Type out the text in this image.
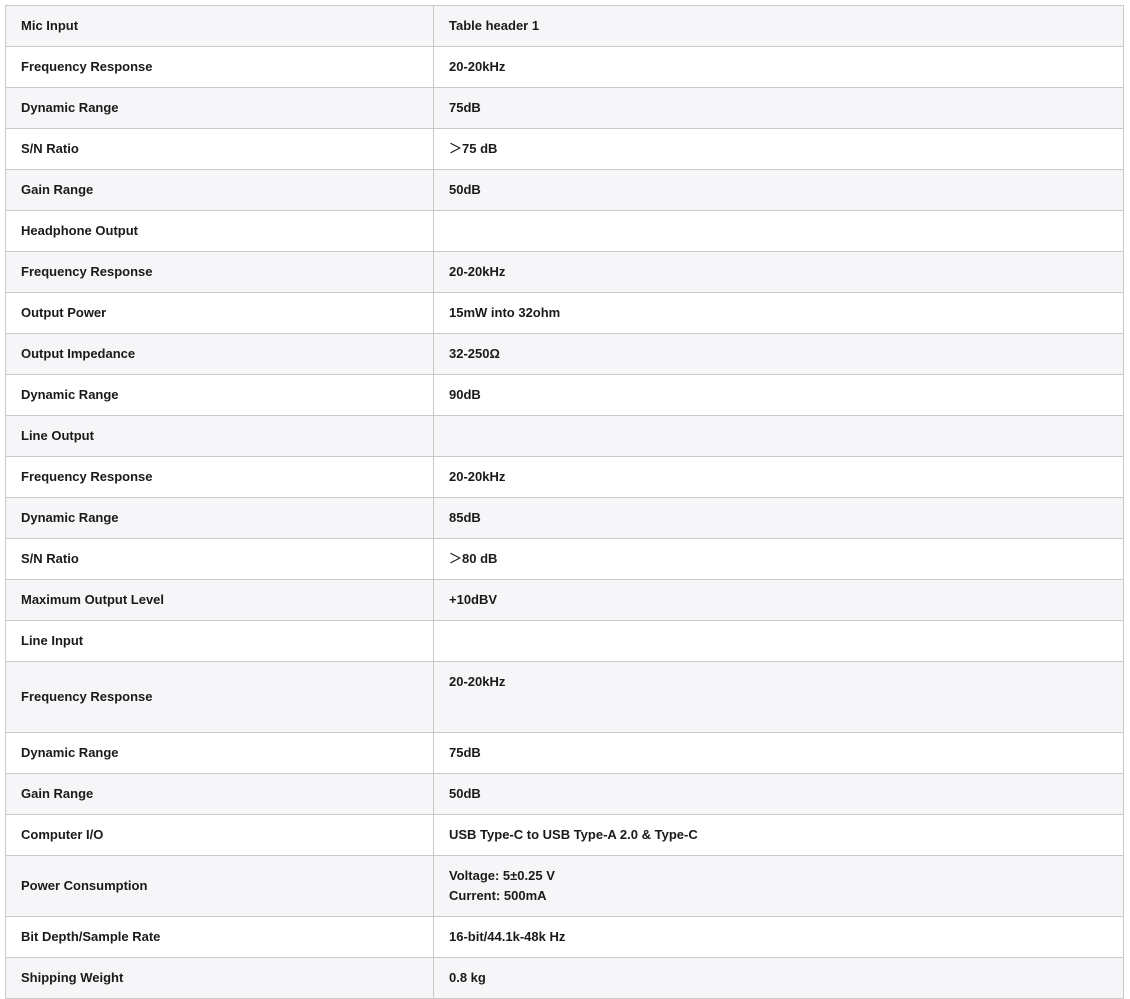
Mic Input	Table header 1
Frequency Response	20-20kHz
Dynamic Range	75dB
S/N Ratio	＞75 dB
Gain Range	50dB
Headphone Output	
Frequency Response	20-20kHz
Output Power	15mW into 32ohm
Output Impedance	32-250Ω
Dynamic Range	90dB
Line Output	
Frequency Response	20-20kHz
Dynamic Range	85dB
S/N Ratio	＞80 dB
Maximum Output Level	+10dBV
Line Input	
Frequency Response	20-20kHz
Dynamic Range	75dB
Gain Range	50dB
Computer I/O	USB Type-C to USB Type-A 2.0 & Type-C
Power Consumption	Voltage: 5±0.25 V
Current: 500mA

Bit Depth/Sample Rate	16-bit/44.1k-48k Hz
Shipping Weight	0.8 kg
